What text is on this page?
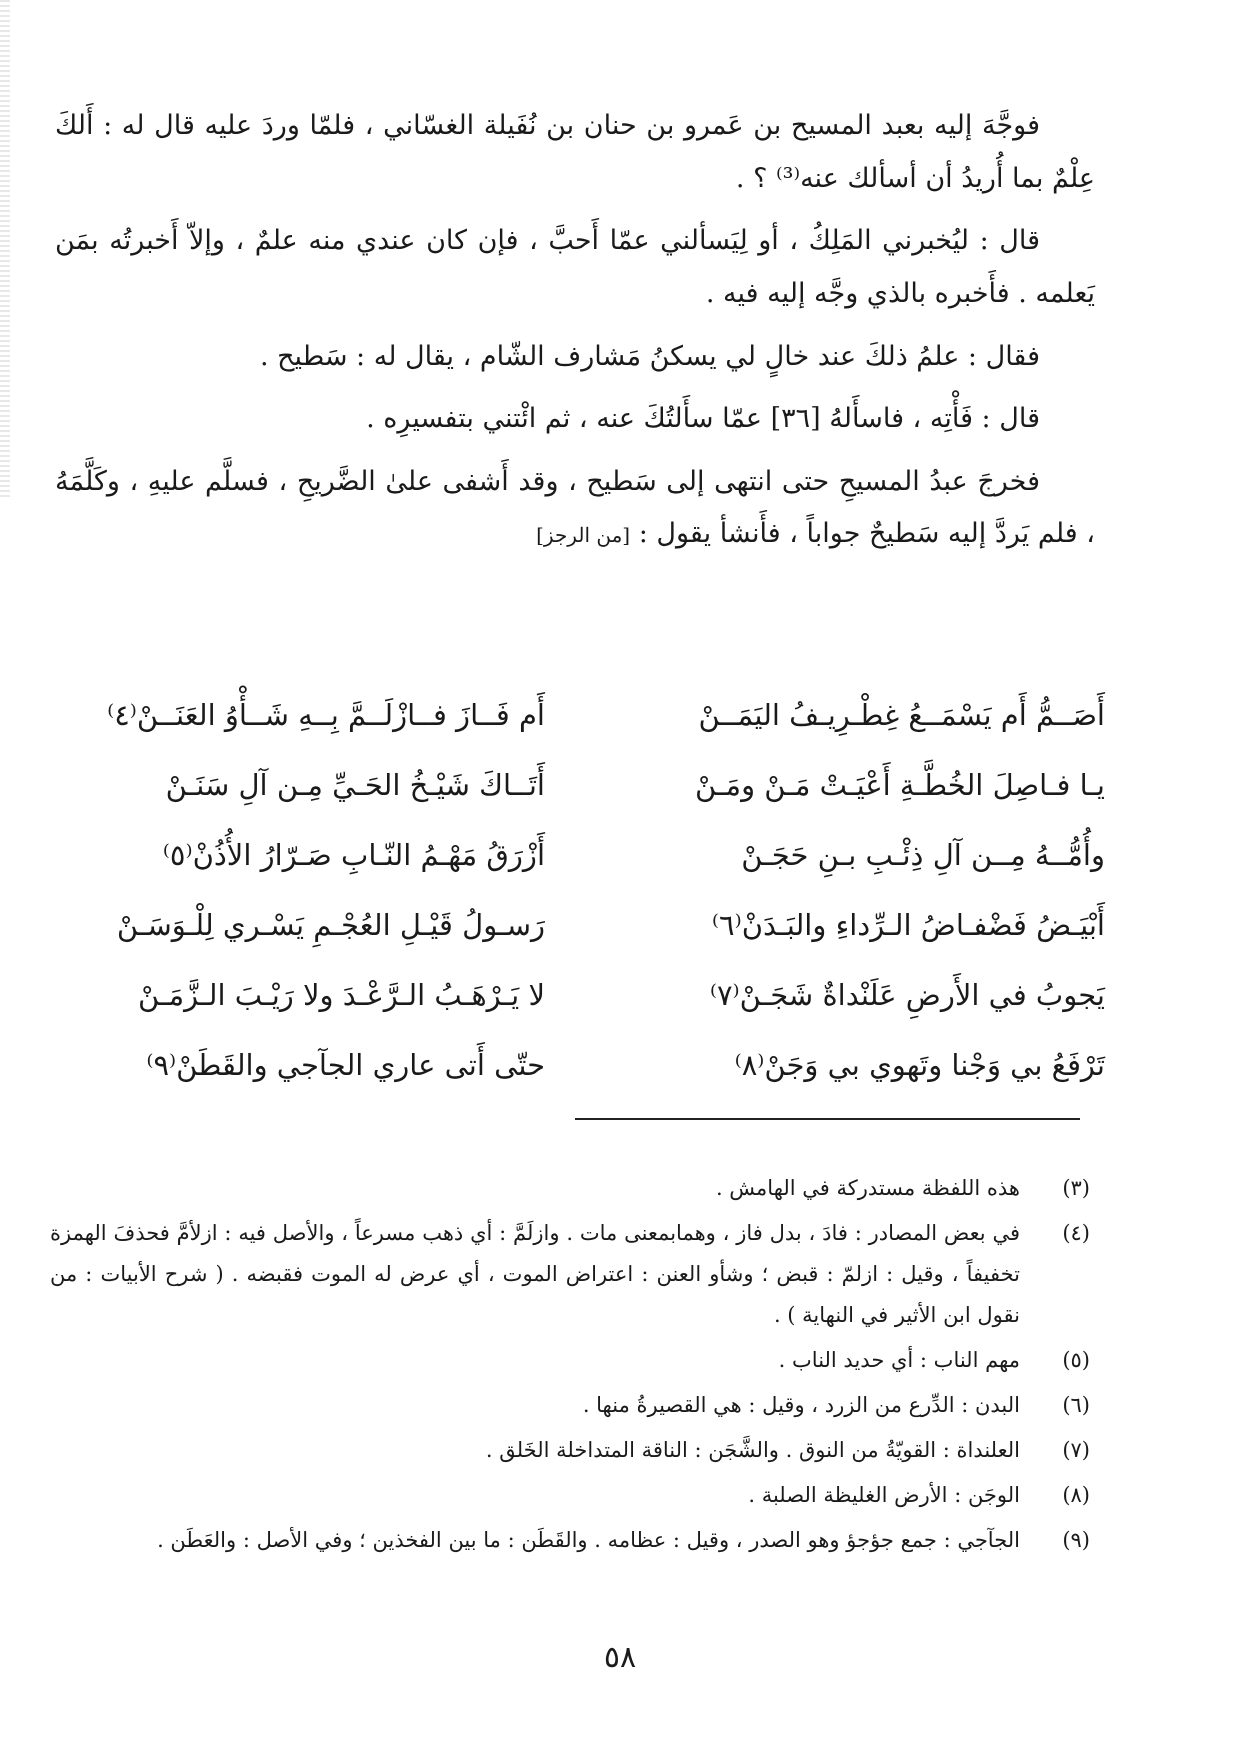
فوجَّهَ إليه بعبد المسيح بن عَمرو بن حنان بن نُفَيلة الغسّاني ، فلمّا وردَ عليه قال له : أَلكَ عِلْمٌ بما أُريدُ أن أسألك عنه⁽³⁾ ؟ .

قال : ليُخبرني المَلِكُ ، أو لِيَسألني عمّا أَحبَّ ، فإن كان عندي منه علمٌ ، وإلاّ أَخبرتُه بمَن يَعلمه . فأَخبره بالذي وجَّه إليه فيه .

فقال : علمُ ذلكَ عند خالٍ لي يسكنُ مَشارف الشّام ، يقال له : سَطيح .

قال : فَأْتِه ، فاسأَلهُ [٣٦] عمّا سأَلتُكَ عنه ، ثم ائْتني بتفسيرِه .

فخرجَ عبدُ المسيحِ حتى انتهى إلى سَطيح ، وقد أَشفى علىٰ الضَّريحِ ، فسلَّم عليهِ ، وكَلَّمَهُ ، فلم يَردَّ إليه سَطيحٌ جواباً ، فأَنشأ يقول : [من الرجز]

أَصَــمُّ أَم يَسْمَــعُ غِطْـرِيـفُ اليَمَــنْ
أَم فَــازَ فــازْلَــمَّ بِــهِ شَــأْوُ العَنَــنْ⁽٤⁾
يـا فـاصِلَ الخُطَّـةِ أَعْيَـتْ مَـنْ ومَـنْ
أَتَــاكَ شَيْـخُ الحَـيِّ مِـن آلِ سَنَـنْ
وأُمُّــهُ مِــن آلِ ذِئْـبِ بـنِ حَجَـنْ
أَزْرَقُ مَهْـمُ النّـابِ صَـرّارُ الأُذُنْ⁽٥⁾
أَبْيَـضُ فَضْفـاضُ الـرِّداءِ والبَـدَنْ⁽٦⁾
رَسـولُ قَيْـلِ العُجْـمِ يَسْـري لِلْـوَسَـنْ
يَجوبُ في الأَرضِ عَلَنْداةٌ شَجَـنْ⁽٧⁾
لا يَـرْهَـبُ الـرَّعْـدَ ولا رَيْـبَ الـزَّمَـنْ
تَرْفَعُ بي وَجْنا وتَهوي بي وَجَنْ⁽٨⁾
حتّى أَتى عاري الجآجي والقَطَنْ⁽٩⁾
(٣)
هذه اللفظة مستدركة في الهامش .
(٤)
في بعض المصادر : فادَ ، بدل فاز ، وهمابمعنى مات . وازلَمَّ : أي ذهب مسرعاً ، والأصل فيه : ازلأمَّ فحذفَ الهمزة تخفيفاً ، وقيل : ازلمّ : قبض ؛ وشأو العنن : اعتراض الموت ، أي عرض له الموت فقبضه . ( شرح الأبيات : من نقول ابن الأثير في النهاية ) .
(٥)
مهم الناب : أي حديد الناب .
(٦)
البدن : الدِّرع من الزرد ، وقيل : هي القصيرةُ منها .
(٧)
العلنداة : القويّةُ من النوق . والشَّجَن : الناقة المتداخلة الخَلق .
(٨)
الوجَن : الأرض الغليظة الصلبة .
(٩)
الجآجي : جمع جؤجؤ وهو الصدر ، وقيل : عظامه . والقَطَن : ما بين الفخذين ؛ وفي الأصل : والعَطَن .
٥٨
